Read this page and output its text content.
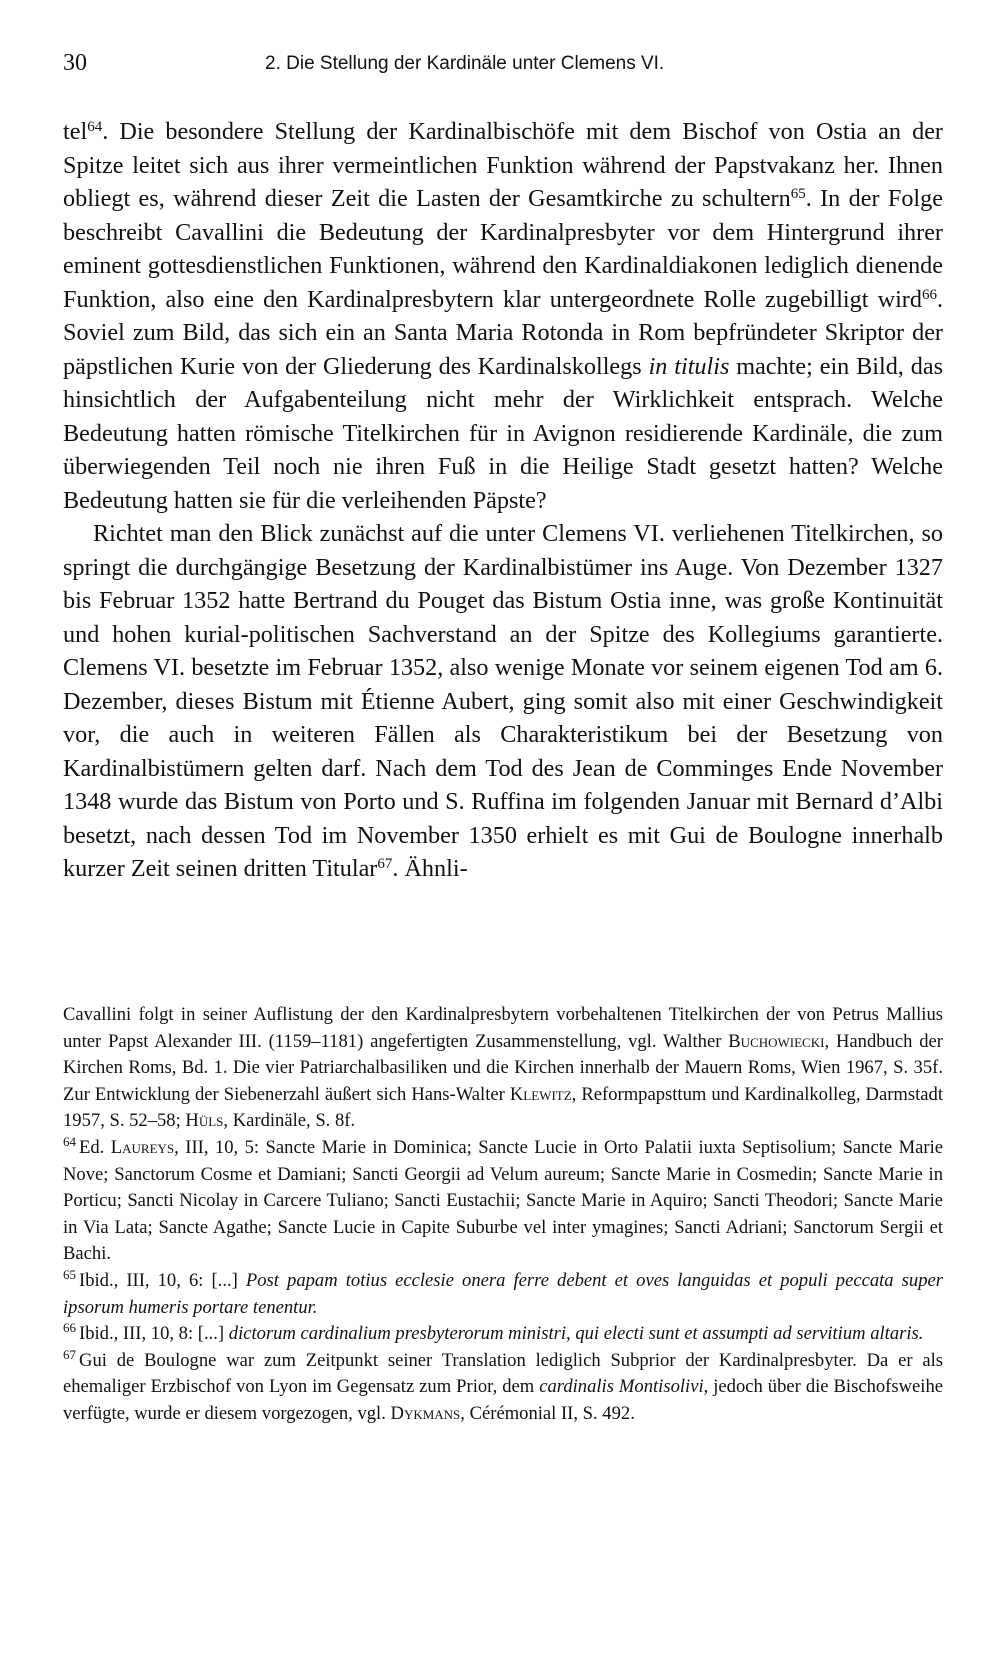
30	2. Die Stellung der Kardinäle unter Clemens VI.

tel$^{64}$. Die besondere Stellung der Kardinalbischöfe mit dem Bischof von Ostia an der Spitze leitet sich aus ihrer vermeintlichen Funktion während der Papstvakanz her. Ihnen obliegt es, während dieser Zeit die Lasten der Gesamtkirche zu schultern$^{65}$. In der Folge beschreibt Cavallini die Bedeutung der Kardinalpresbyter vor dem Hintergrund ihrer eminent gottesdienstlichen Funktionen, während den Kardinaldiakonen lediglich dienende Funktion, also eine den Kardinalpresbytern klar untergeordnete Rolle zugebilligt wird$^{66}$. Soviel zum Bild, das sich ein an Santa Maria Rotonda in Rom bepfründeter Skriptor der päpstlichen Kurie von der Gliederung des Kardinalskollegs in titulis machte; ein Bild, das hinsichtlich der Aufgabenteilung nicht mehr der Wirklichkeit entsprach. Welche Bedeutung hatten römische Titelkirchen für in Avignon residierende Kardinäle, die zum überwiegenden Teil noch nie ihren Fuß in die Heilige Stadt gesetzt hatten? Welche Bedeutung hatten sie für die verleihenden Päpste?

Richtet man den Blick zunächst auf die unter Clemens VI. verliehenen Titelkirchen, so springt die durchgängige Besetzung der Kardinalbistümer ins Auge. Von Dezember 1327 bis Februar 1352 hatte Bertrand du Pouget das Bistum Ostia inne, was große Kontinuität und hohen kurial-politischen Sachverstand an der Spitze des Kollegiums garantierte. Clemens VI. besetzte im Februar 1352, also wenige Monate vor seinem eigenen Tod am 6. Dezember, dieses Bistum mit Étienne Aubert, ging somit also mit einer Geschwindigkeit vor, die auch in weiteren Fällen als Charakteristikum bei der Besetzung von Kardinalbistümern gelten darf. Nach dem Tod des Jean de Comminges Ende November 1348 wurde das Bistum von Porto und S. Ruffina im folgenden Januar mit Bernard d’Albi besetzt, nach dessen Tod im November 1350 erhielt es mit Gui de Boulogne innerhalb kurzer Zeit seinen dritten Titular$^{67}$. Ähnli-

Cavallini folgt in seiner Auflistung der den Kardinalpresbytern vorbehaltenen Titelkirchen der von Petrus Mallius unter Papst Alexander III. (1159–1181) angefertigten Zusammenstellung, vgl. Walther Buchowiecki, Handbuch der Kirchen Roms, Bd. 1. Die vier Patriarchalbasiliken und die Kirchen innerhalb der Mauern Roms, Wien 1967, S. 35f. Zur Entwicklung der Siebenerzahl äußert sich Hans-Walter Klewitz, Reformpapsttum und Kardinalkolleg, Darmstadt 1957, S. 52–58; Hüls, Kardinäle, S. 8f.

$^{64}$ Ed. Laureys, III, 10, 5: Sancte Marie in Dominica; Sancte Lucie in Orto Palatii iuxta Septisolium; Sancte Marie Nove; Sanctorum Cosme et Damiani; Sancti Georgii ad Velum aureum; Sancte Marie in Cosmedin; Sancte Marie in Porticu; Sancti Nicolay in Carcere Tuliano; Sancti Eustachii; Sancte Marie in Aquiro; Sancti Theodori; Sancte Marie in Via Lata; Sancte Agathe; Sancte Lucie in Capite Suburbe vel inter ymagines; Sancti Adriani; Sanctorum Sergii et Bachi.

$^{65}$ Ibid., III, 10, 6: [...] Post papam totius ecclesie onera ferre debent et oves languidas et populi peccata super ipsorum humeris portare tenentur.

$^{66}$ Ibid., III, 10, 8: [...] dictorum cardinalium presbyterorum ministri, qui electi sunt et assumpti ad servitium altaris.

$^{67}$ Gui de Boulogne war zum Zeitpunkt seiner Translation lediglich Subprior der Kardinalpresbyter. Da er als ehemaliger Erzbischof von Lyon im Gegensatz zum Prior, dem cardinalis Montisolivi, jedoch über die Bischofsweihe verfügte, wurde er diesem vorgezogen, vgl. Dykmans, Cérémonial II, S. 492.
